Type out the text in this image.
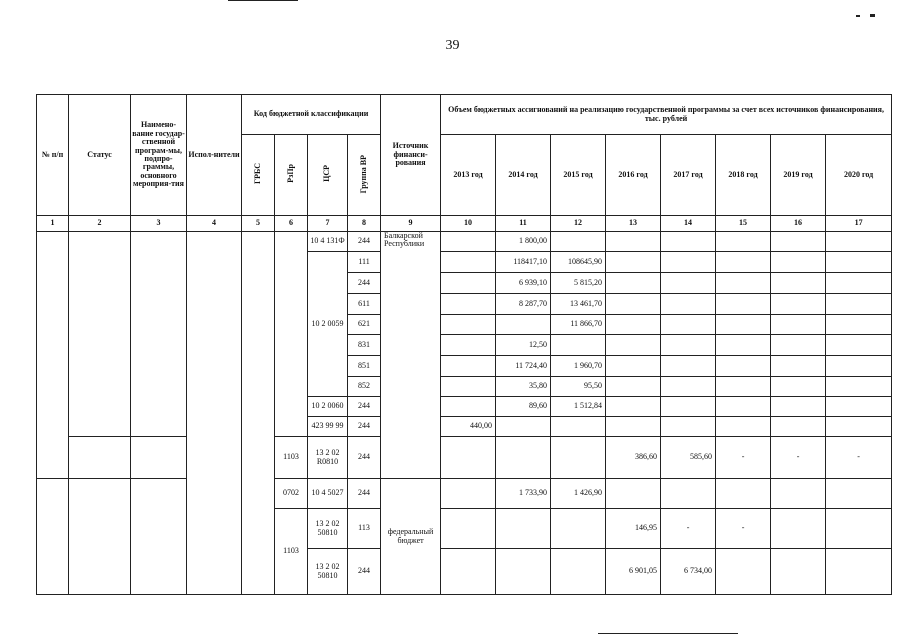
39
№ п/п	Статус	Наимено-вание государ-ственной програм-мы, подпро-граммы, основного мероприя-тия	Испол-нители	Код бюджетной классификации				Источник финанси-рования	Объем бюджетных ассигнований на реализацию государственной программы за счет всех источников финансирования, тыс. рублей							
				ГРБС	РзПр	ЦСР	Группа ВР		2013 год	2014 год	2015 год	2016 год	2017 год	2018 год	2019 год	2020 год
1	2	3	4	5	6	7	8	9	10	11	12	13	14	15	16	17
						10 4 131Ф	244	Балкарской Республики		1 800,00						
						10 2 0059	111			118417,10	108645,90					
							244			6 939,10	5 815,20					
							611			8 287,70	13 461,70					
							621				11 866,70					
							831			12,50						
							851			11 724,40	1 960,70					
							852			35,80	95,50					
						10 2 0060	244			89,60	1 512,84					
						423 99 99	244		440,00							
					1103	13 2 02 R0810	244					386,60	585,60	-	-	-
					0702	10 4 5027	244	федеральный бюджет		1 733,90	1 426,90					
					1103	13 2 02 50810	113					146,95	-	-		
						13 2 02 50810	244					6 901,05	6 734,00			
